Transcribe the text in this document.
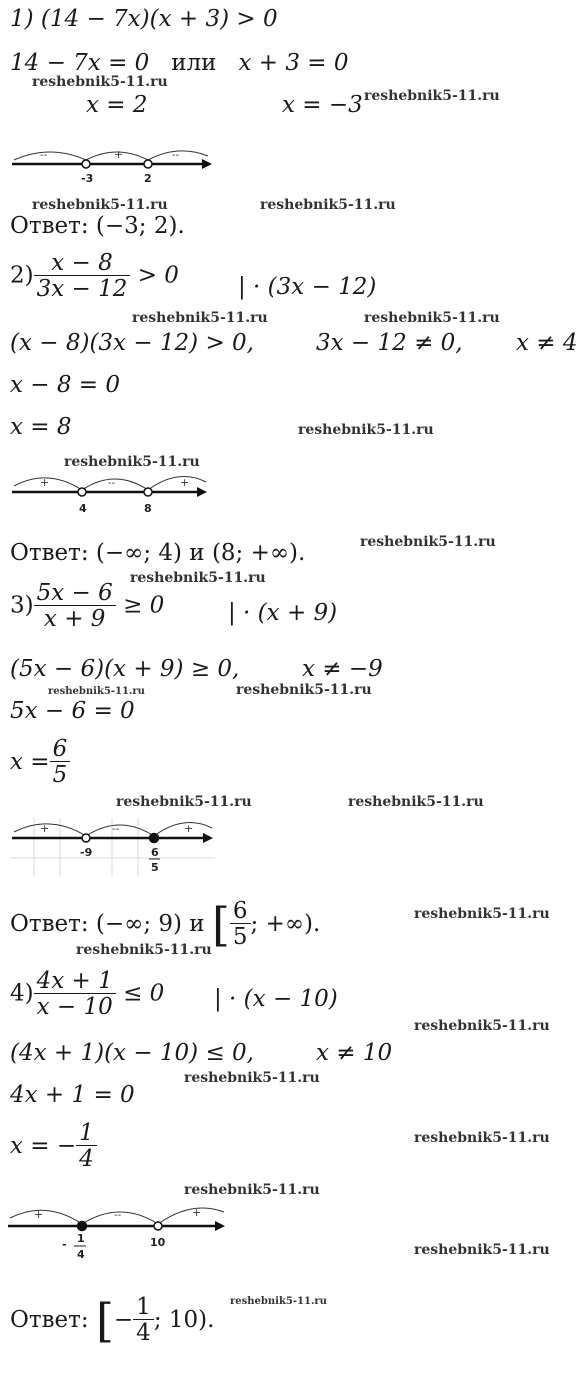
1) (14 − 7x)(x + 3) > 0
14 − 7x = 0 или x + 3 = 0
x = 2	x = −3
--	+	--
-3	2
Ответ: (−3; 2).
$2) \frac{x - 8}{3x - 12} > 0$	| · (3x − 12)
(x − 8)(3x − 12) > 0,	3x − 12 ≠ 0, x ≠ 4
x − 8 = 0
x = 8
+	--	+
4	8
Ответ: (−∞; 4) и (8; +∞).
$3) \frac{5x - 6}{x + 9} \ge 0$	| · (x + 9)
(5x − 6)(x + 9) ≥ 0,	x ≠ −9
5x − 6 = 0
$x = \frac{6}{5}$
+	--	+
-9	6
5
Ответ: (−∞; 9) и [ $\frac{6}{5}$ ; +∞).
$4) \frac{4x + 1}{x - 10} \le 0$ | · (x − 10)
(4x + 1)(x − 10) ≤ 0,	x ≠ 10
4x + 1 = 0
x = − $\frac{1}{4}$
+	--	+
- 1
4
10
Ответ: [− $\frac{1}{4}$ ; 10).
reshebnik5-11.ru
reshebnik5-11.ru
reshebnik5-11.ru	reshebnik5-11.ru
reshebnik5-11.ru	reshebnik5-11.ru
reshebnik5-11.ru
reshebnik5-11.ru
reshebnik5-11.ru
reshebnik5-11.ru
reshebnik5-11.ru	reshebnik5-11.ru
reshebnik5-11.ru	reshebnik5-11.ru
reshebnik5-11.ru
reshebnik5-11.ru
reshebnik5-11.ru
reshebnik5-11.ru
reshebnik5-11.ru
reshebnik5-11.ru
reshebnik5-11.ru
reshebnik5-11.ru
